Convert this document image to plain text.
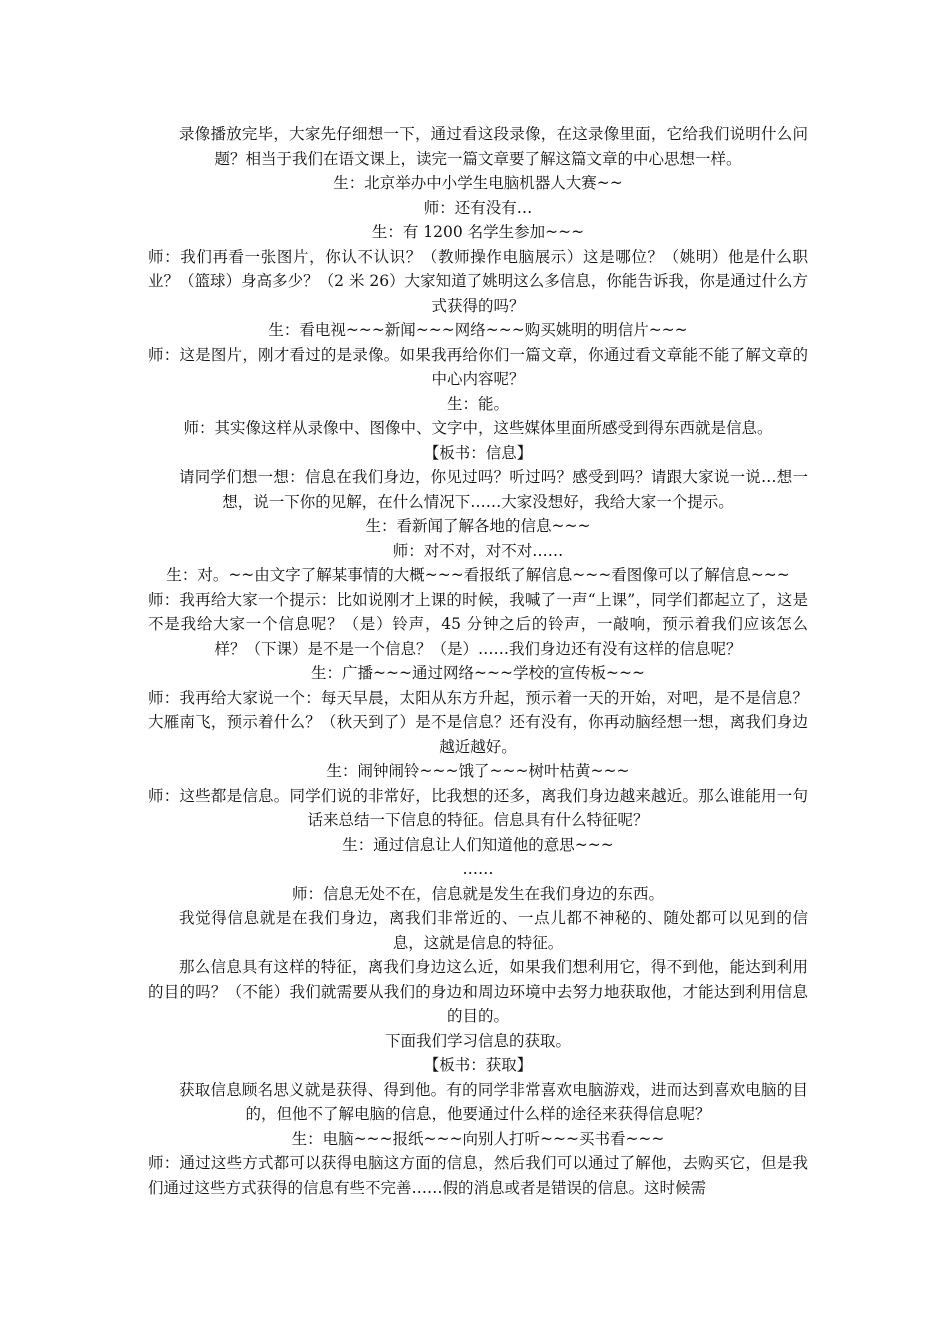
录像播放完毕，大家先仔细想一下，通过看这段录像，在这录像里面，它给我们说明什么问题？相当于我们在语文课上，读完一篇文章要了解这篇文章的中心思想一样。

生：北京举办中小学生电脑机器人大赛~~

师：还有没有…

生：有 1200 名学生参加~~~

师：我们再看一张图片，你认不认识？（教师操作电脑展示）这是哪位？（姚明）他是什么职业？（篮球）身高多少？（2 米 26）大家知道了姚明这么多信息，你能告诉我，你是通过什么方式获得的吗？

生：看电视~~~新闻~~~网络~~~购买姚明的明信片~~~

师：这是图片，刚才看过的是录像。如果我再给你们一篇文章，你通过看文章能不能了解文章的中心内容呢？

生：能。

师：其实像这样从录像中、图像中、文字中，这些媒体里面所感受到得东西就是信息。

【板书：信息】

请同学们想一想：信息在我们身边，你见过吗？听过吗？感受到吗？请跟大家说一说…想一想，说一下你的见解，在什么情况下……大家没想好，我给大家一个提示。

生：看新闻了解各地的信息~~~

师：对不对，对不对……

生：对。~~由文字了解某事情的大概~~~看报纸了解信息~~~看图像可以了解信息~~~

师：我再给大家一个提示：比如说刚才上课的时候，我喊了一声“上课”，同学们都起立了，这是不是我给大家一个信息呢？（是）铃声，45 分钟之后的铃声，一敲响，预示着我们应该怎么样？（下课）是不是一个信息？（是）……我们身边还有没有这样的信息呢？

生：广播~~~通过网络~~~学校的宣传板~~~

师：我再给大家说一个：每天早晨，太阳从东方升起，预示着一天的开始，对吧，是不是信息？大雁南飞，预示着什么？（秋天到了）是不是信息？还有没有，你再动脑经想一想，离我们身边越近越好。

生：闹钟闹铃~~~饿了~~~树叶枯黄~~~

师：这些都是信息。同学们说的非常好，比我想的还多，离我们身边越来越近。那么谁能用一句话来总结一下信息的特征。信息具有什么特征呢？

生：通过信息让人们知道他的意思~~~

……

师：信息无处不在，信息就是发生在我们身边的东西。

我觉得信息就是在我们身边，离我们非常近的、一点儿都不神秘的、随处都可以见到的信息，这就是信息的特征。

那么信息具有这样的特征，离我们身边这么近，如果我们想利用它，得不到他，能达到利用的目的吗？（不能）我们就需要从我们的身边和周边环境中去努力地获取他，才能达到利用信息的目的。

下面我们学习信息的获取。

【板书：获取】

获取信息顾名思义就是获得、得到他。有的同学非常喜欢电脑游戏，进而达到喜欢电脑的目的，但他不了解电脑的信息，他要通过什么样的途径来获得信息呢？

生：电脑~~~报纸~~~向别人打听~~~买书看~~~

师：通过这些方式都可以获得电脑这方面的信息，然后我们可以通过了解他，去购买它，但是我们通过这些方式获得的信息有些不完善……假的消息或者是错误的信息。这时候需
